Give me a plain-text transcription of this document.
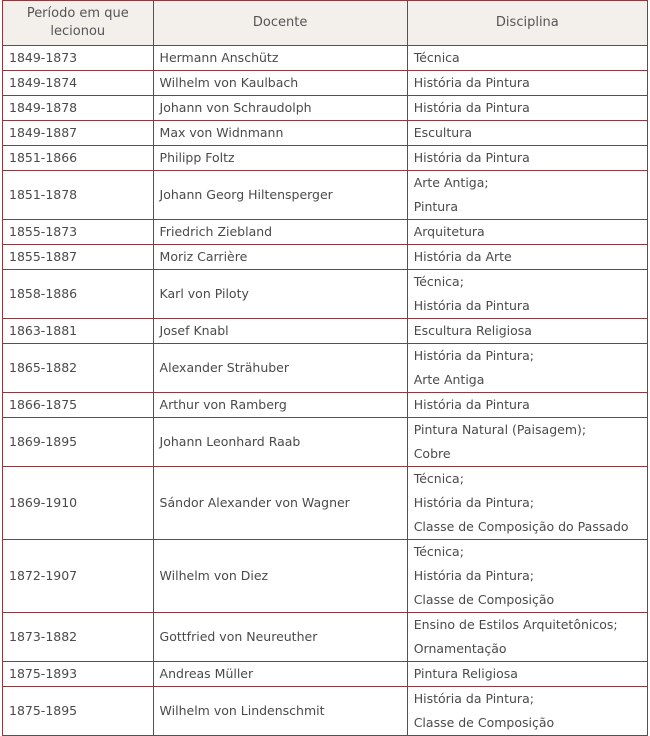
Período em que lecionou	Docente	Disciplina
1849-1873	Hermann Anschütz	Técnica

1849-1874	Wilhelm von Kaulbach	História da Pintura

1849-1878	Johann von Schraudolph	História da Pintura

1849-1887	Max von Widnmann	Escultura

1851-1866	Philipp Foltz	História da Pintura

1851-1878	Johann Georg Hiltensperger	Arte Antiga;
Pintura

1855-1873	Friedrich Ziebland	Arquitetura

1855-1887	Moriz Carrière	História da Arte

1858-1886	Karl von Piloty	Técnica;
História da Pintura

1863-1881	Josef Knabl	Escultura Religiosa

1865-1882	Alexander Strähuber	História da Pintura;
Arte Antiga

1866-1875	Arthur von Ramberg	História da Pintura

1869-1895	Johann Leonhard Raab	Pintura Natural (Paisagem);
Cobre

1869-1910	Sándor Alexander von Wagner	Técnica;
História da Pintura;
Classe de Composição do Passado

1872-1907	Wilhelm von Diez	Técnica;
História da Pintura;
Classe de Composição

1873-1882	Gottfried von Neureuther	Ensino de Estilos Arquitetônicos;
Ornamentação

1875-1893	Andreas Müller	Pintura Religiosa

1875-1895	Wilhelm von Lindenschmit	História da Pintura;
Classe de Composição
